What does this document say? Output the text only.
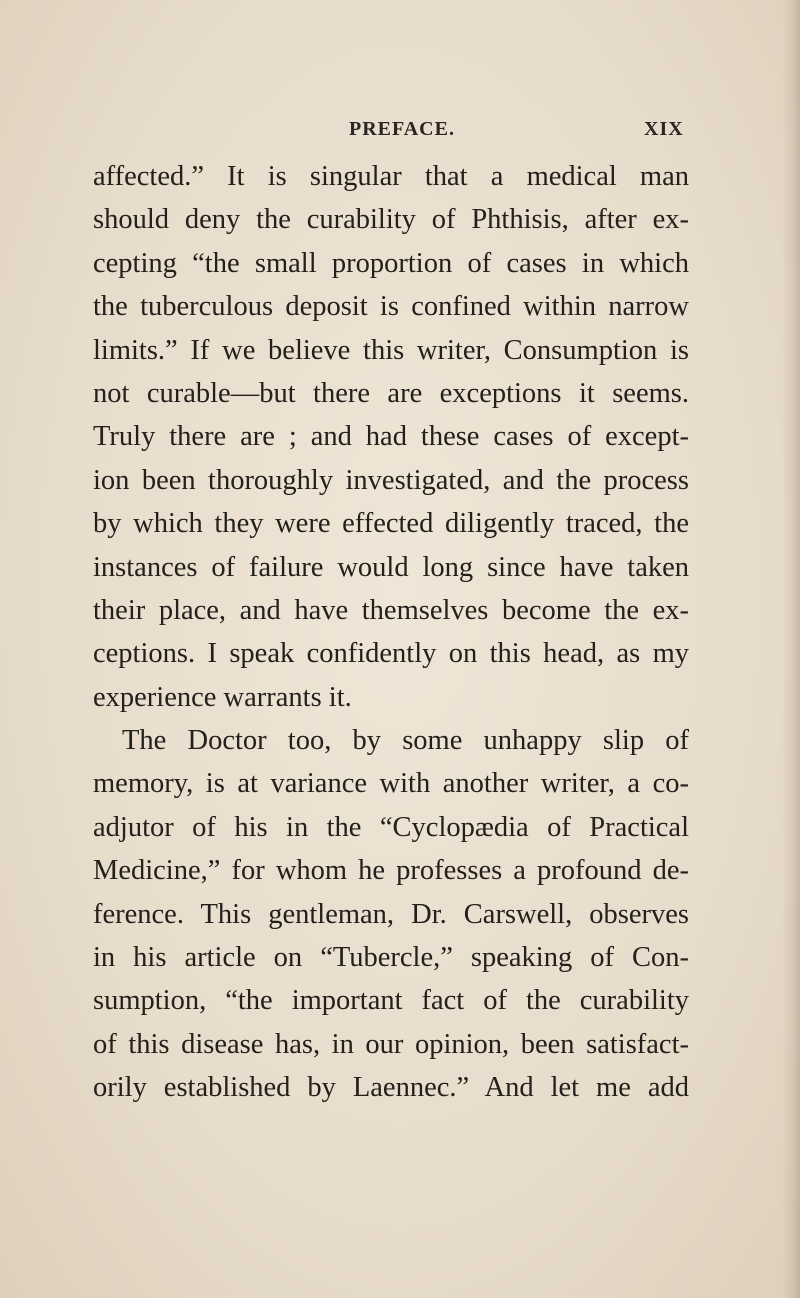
PREFACE.	XIX
affected.” It is singular that a medical man
should deny the curability of Phthisis, after ex-
cepting “the small proportion of cases in which
the tuberculous deposit is confined within narrow
limits.” If we believe this writer, Consumption is
not curable—but there are exceptions it seems.
Truly there are ; and had these cases of except-
ion been thoroughly investigated, and the process
by which they were effected diligently traced, the
instances of failure would long since have taken
their place, and have themselves become the ex-
ceptions. I speak confidently on this head, as my
experience warrants it.
The Doctor too, by some unhappy slip of
memory, is at variance with another writer, a co-
adjutor of his in the “Cyclopædia of Practical
Medicine,” for whom he professes a profound de-
ference. This gentleman, Dr. Carswell, observes
in his article on “Tubercle,” speaking of Con-
sumption, “the important fact of the curability
of this disease has, in our opinion, been satisfact-
orily established by Laennec.” And let me add
